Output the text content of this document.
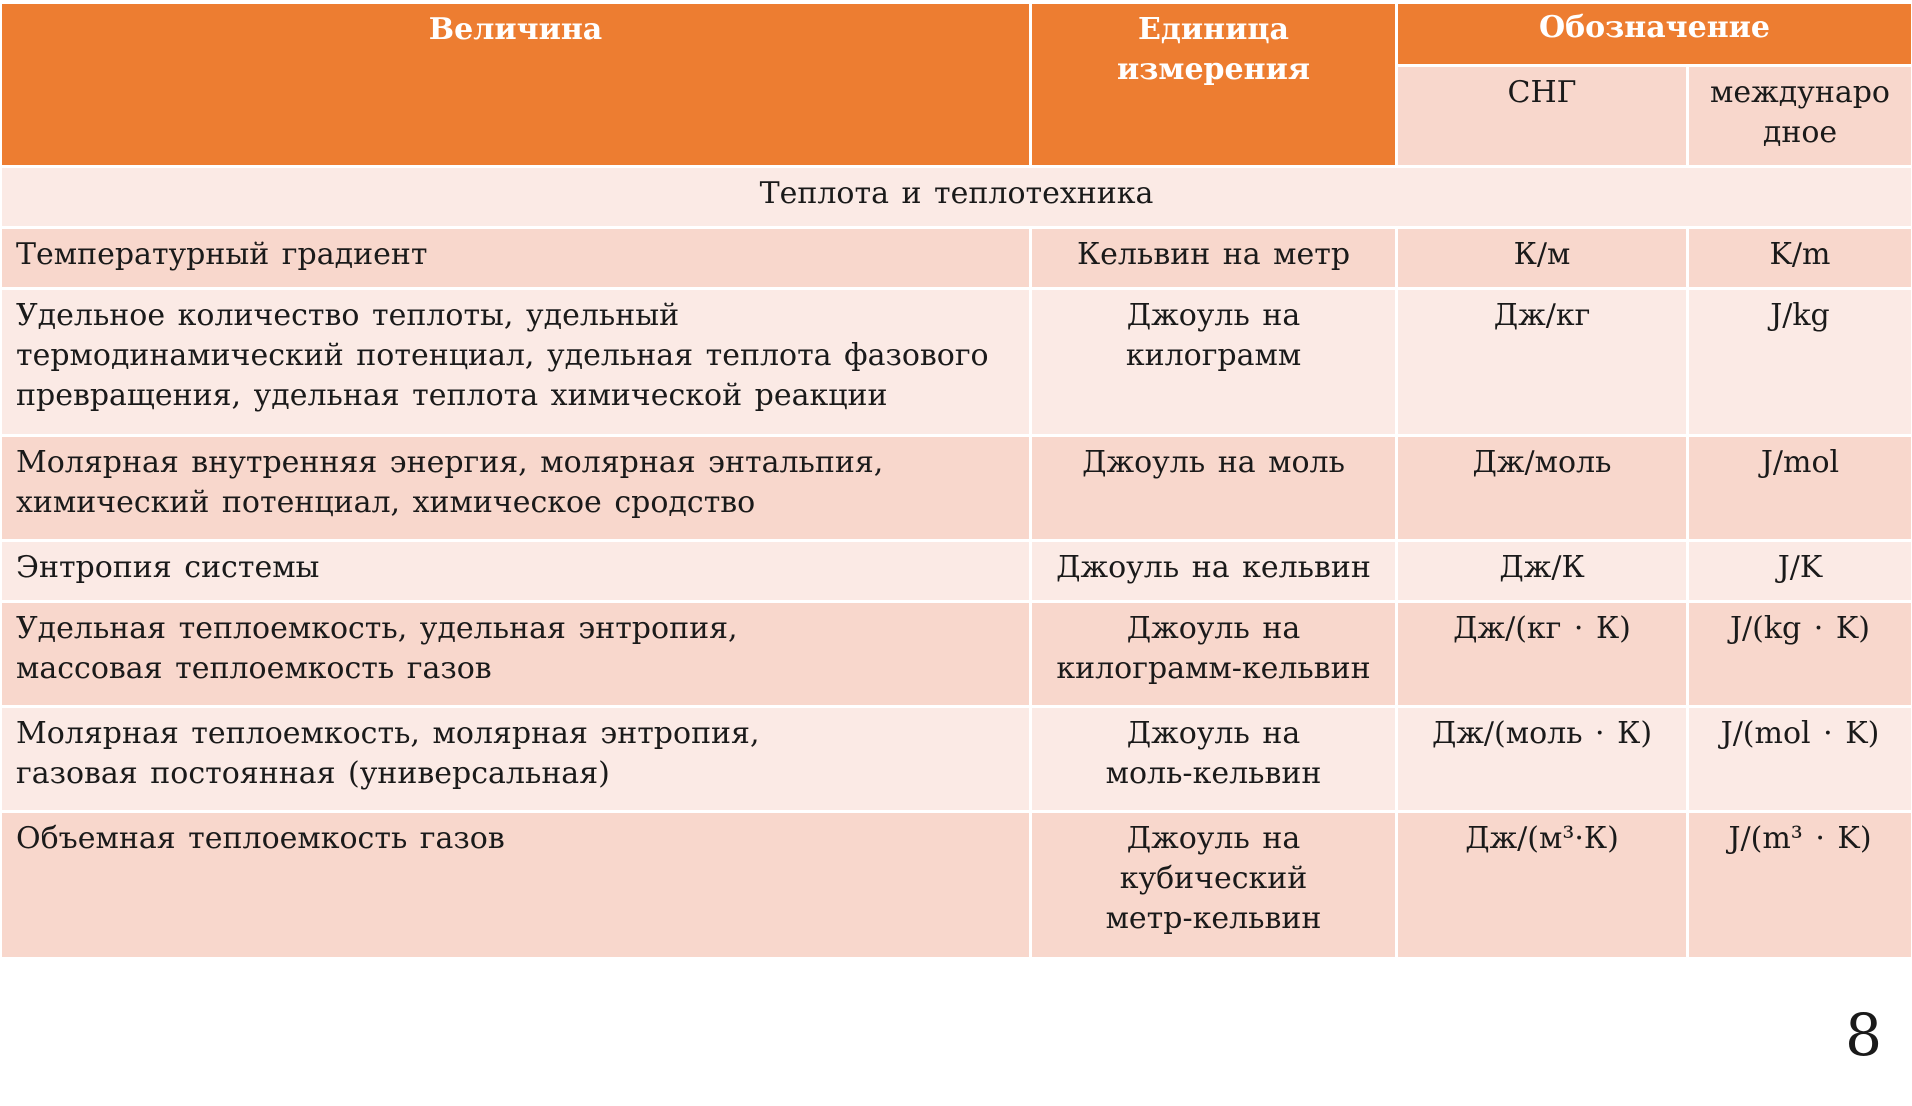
Величина	Единица измерения	Обозначение	
		СНГ	междунаро дное
Теплота и теплотехника			
Температурный градиент	Кельвин на метр	К/м	K/m
Удельное количество теплоты, удельный термодинамический потенциал, удельная теплота фазового превращения, удельная теплота химической реакции	Джоуль на килограмм	Дж/кг	J/kg
Молярная внутренняя энергия, молярная энтальпия, химический потенциал, химическое сродство	Джоуль на моль	Дж/моль	J/mol
Энтропия системы	Джоуль на кельвин	Дж/К	J/K
Удельная теплоемкость, удельная энтропия, массовая теплоемкость газов	Джоуль на килограмм-кельвин	Дж/(кг · К)	J/(kg · K)
Молярная теплоемкость, молярная энтропия, газовая постоянная (универсальная)	Джоуль на моль-кельвин	Дж/(моль · К)	J/(mol · K)
Объемная теплоемкость газов	Джоуль на кубический метр-кельвин	Дж/(м³·К)	J/(m³ · K)
8
